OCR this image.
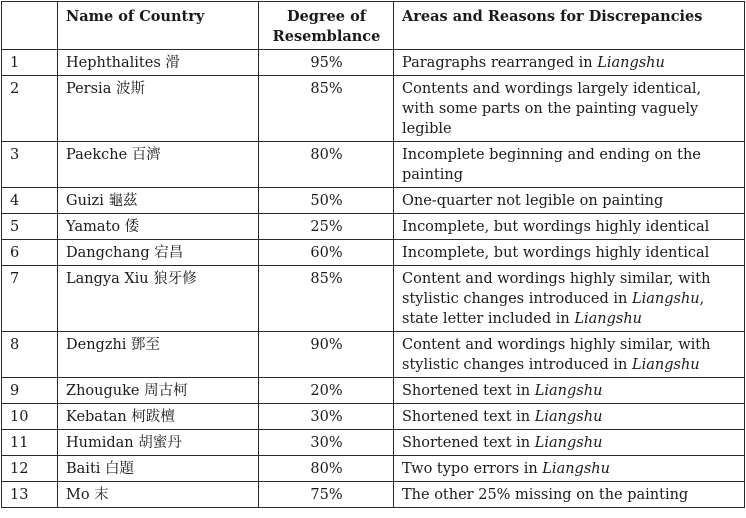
	Name of Country	Degree of Resemblance	Areas and Reasons for Discrepancies
1	Hephthalites 滑	95%	Paragraphs rearranged in Liangshu
2	Persia 波斯	85%	Contents and wordings largely identical, with some parts on the painting vaguely legible
3	Paekche 百濟	80%	Incomplete beginning and ending on the painting
4	Guizi 龜茲	50%	One-quarter not legible on painting
5	Yamato 倭	25%	Incomplete, but wordings highly identical
6	Dangchang 宕昌	60%	Incomplete, but wordings highly identical
7	Langya Xiu 狼牙修	85%	Content and wordings highly similar, with stylistic changes introduced in Liangshu, state letter included in Liangshu
8	Dengzhi 鄧至	90%	Content and wordings highly similar, with stylistic changes introduced in Liangshu
9	Zhouguke 周古柯	20%	Shortened text in Liangshu
10	Kebatan 柯跋檀	30%	Shortened text in Liangshu
11	Humidan 胡蜜丹	30%	Shortened text in Liangshu
12	Baiti 白題	80%	Two typo errors in Liangshu
13	Mo 末	75%	The other 25% missing on the painting
